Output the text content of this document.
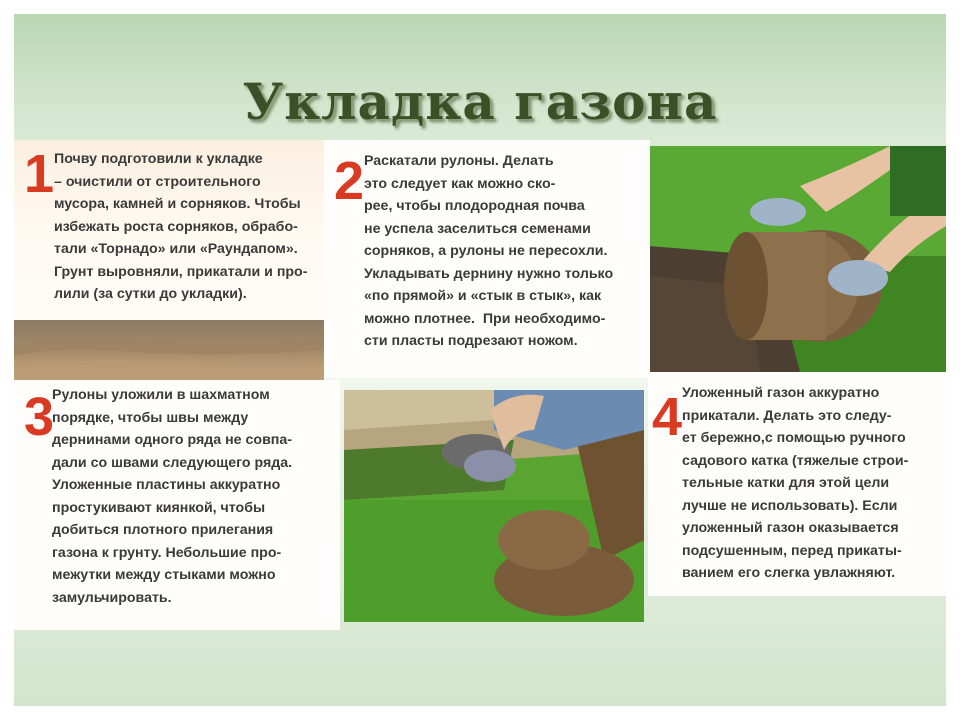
Укладка газона
1 Почву подготовили к укладке
– очистили от строительного
мусора, камней и сорняков. Чтобы
избежать роста сорняков, обрабо-
тали «Торнадо» или «Раундапом».
Грунт выровняли, прикатали и про-
лили (за сутки до укладки).
2 Раскатали рулоны. Делать
это следует как можно ско-
рее, чтобы плодородная почва
не успела заселиться семенами
сорняков, а рулоны не пересохли.
Укладывать дернину нужно только
«по прямой» и «стык в стык», как
можно плотнее.  При необходимо-
сти пласты подрезают ножом.
3
Рулоны уложили в шахматном
порядке, чтобы швы между
дернинами одного ряда не совпа-
дали со швами следующего ряда.
Уложенные пластины аккуратно
простукивают киянкой, чтобы
добиться плотного прилегания
газона к грунту. Небольшие про-
межутки между стыками можно
замульчировать.
4 Уложенный газон аккуратно
прикатали. Делать это следу-
ет бережно,с помощью ручного
садового катка (тяжелые строи-
тельные катки для этой цели
лучше не использовать). Если
уложенный газон оказывается
подсушенным, перед прикаты-
ванием его слегка увлажняют.
